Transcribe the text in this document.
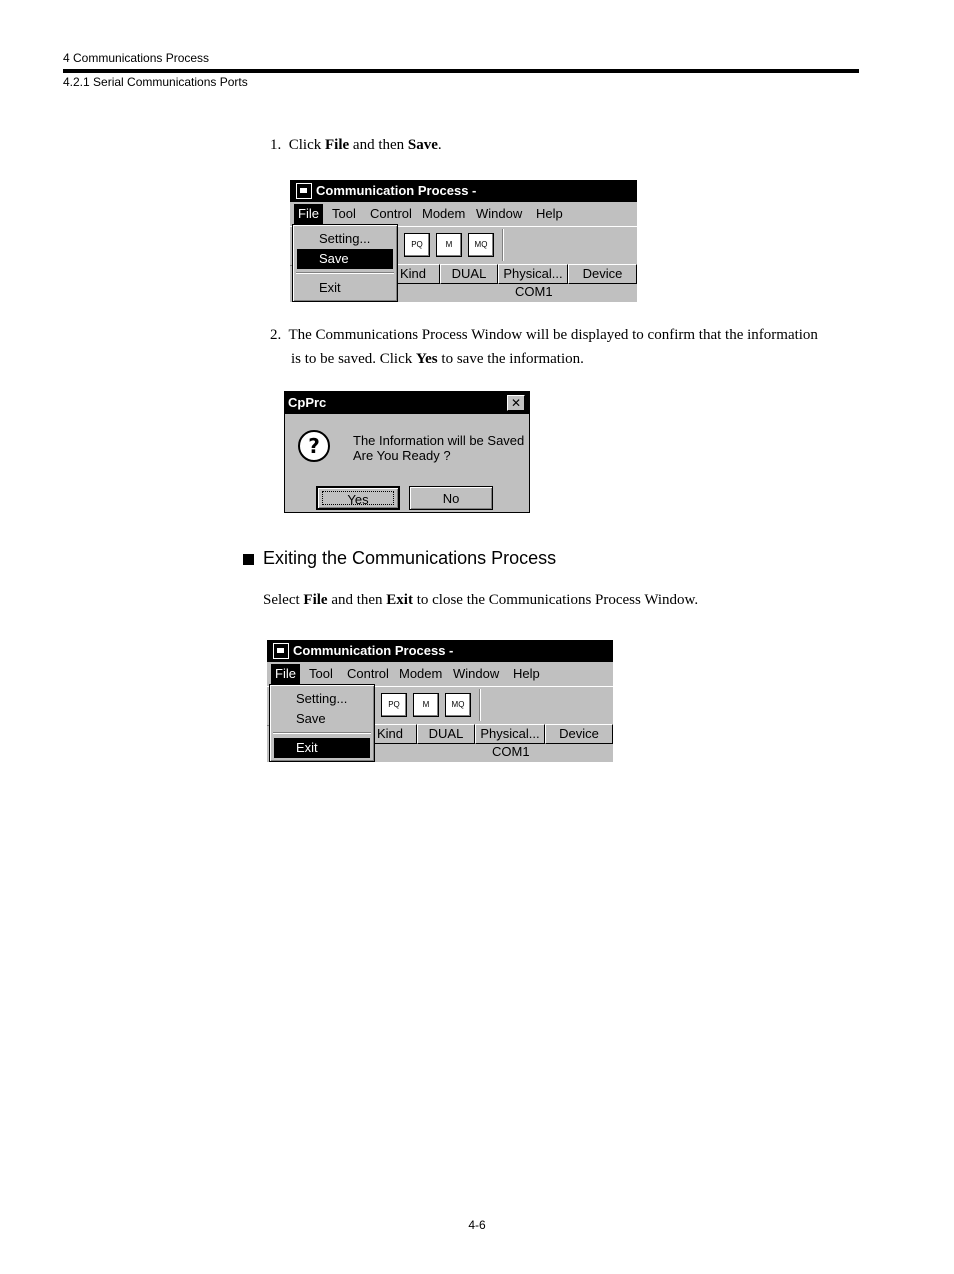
4 Communications Process
4.2.1 Serial Communications Ports
1. Click File and then Save.
Communication Process -
File	Tool Control Modem Window Help
PQ	M	MQ
Kind	DUAL	Physical...	Device
COM1
Setting...
Save
Exit
2. The Communications Process Window will be displayed to confirm that the information
is to be saved. Click Yes to save the information.
CpPrc	✕
?	The Information will be Saved
Are You Ready ?
Yes	No
Exiting the Communications Process
Select File and then Exit to close the Communications Process Window.
Communication Process -
File	Tool Control Modem Window Help
PQ	M	MQ
Kind	DUAL	Physical...	Device
COM1
Setting...
Save
Exit
4-6
